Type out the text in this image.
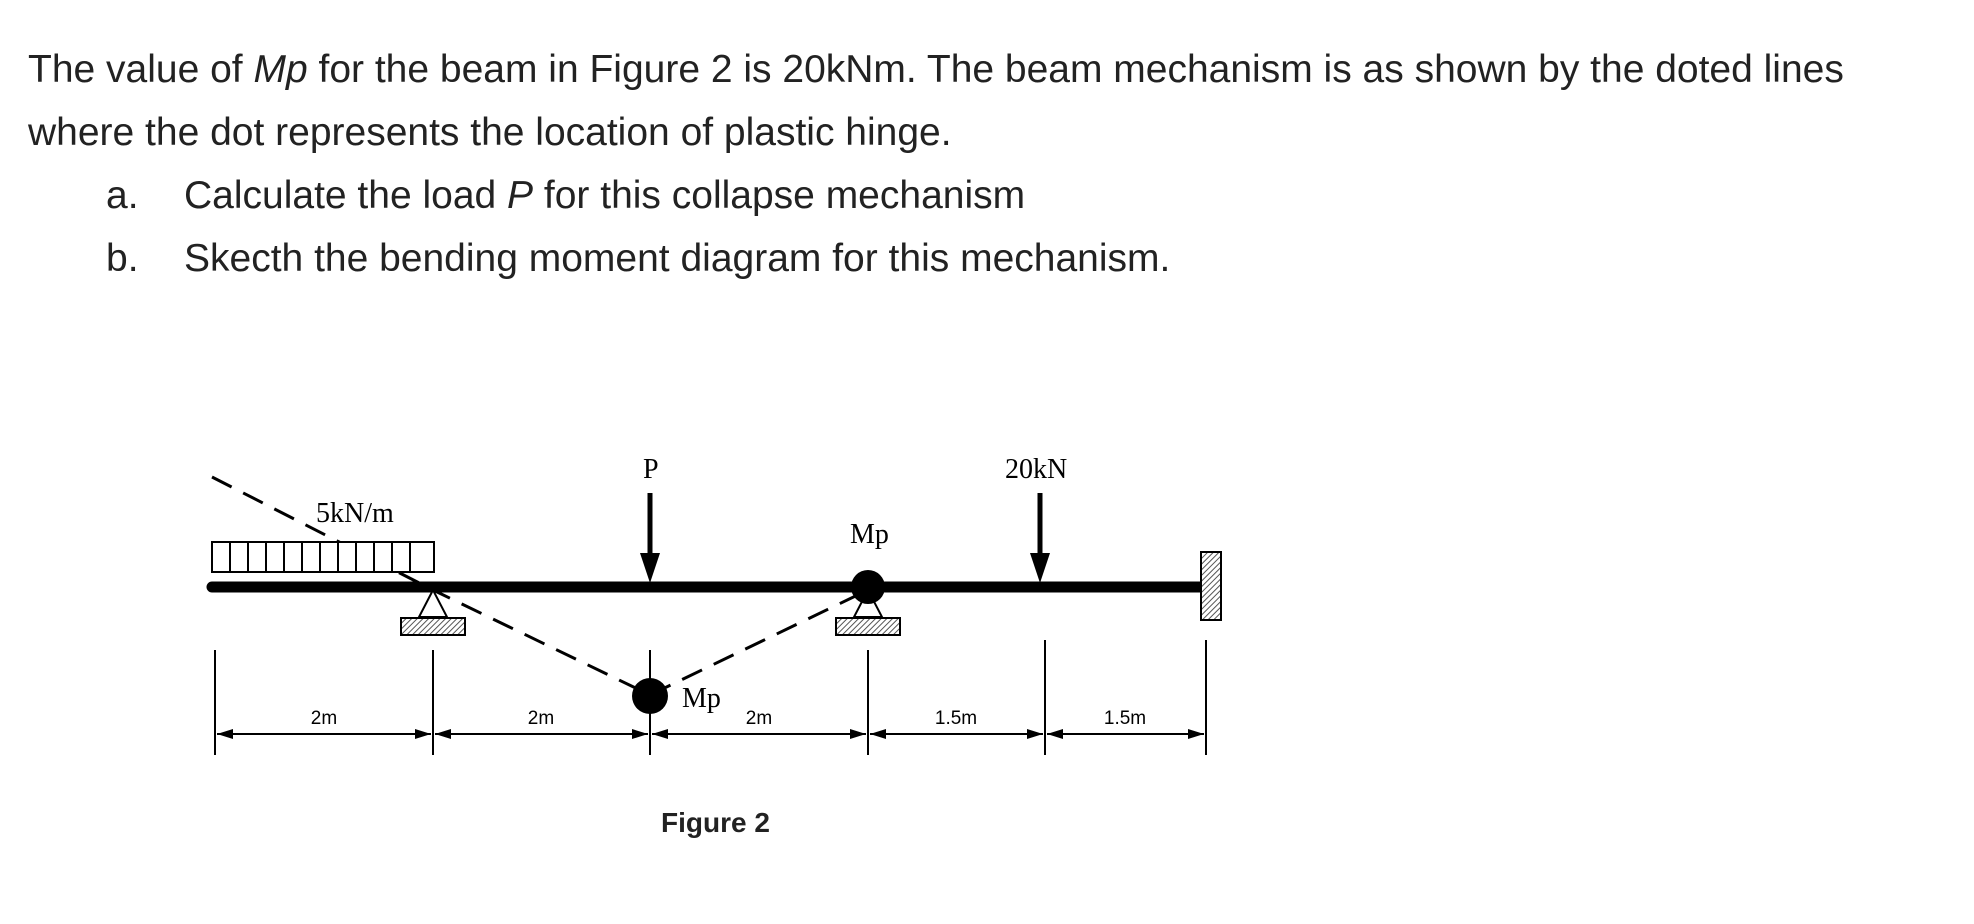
The value of Mp for the beam in Figure 2 is 20kNm. The beam mechanism is as shown by the doted lines where the dot represents the location of plastic hinge.

a. Calculate the load P for this collapse mechanism
b. Skecth the bending moment diagram for this mechanism.
5kN/m
P	20kN
Mp
Mp
2m	2m	2m	1.5m	1.5m
Figure 2
